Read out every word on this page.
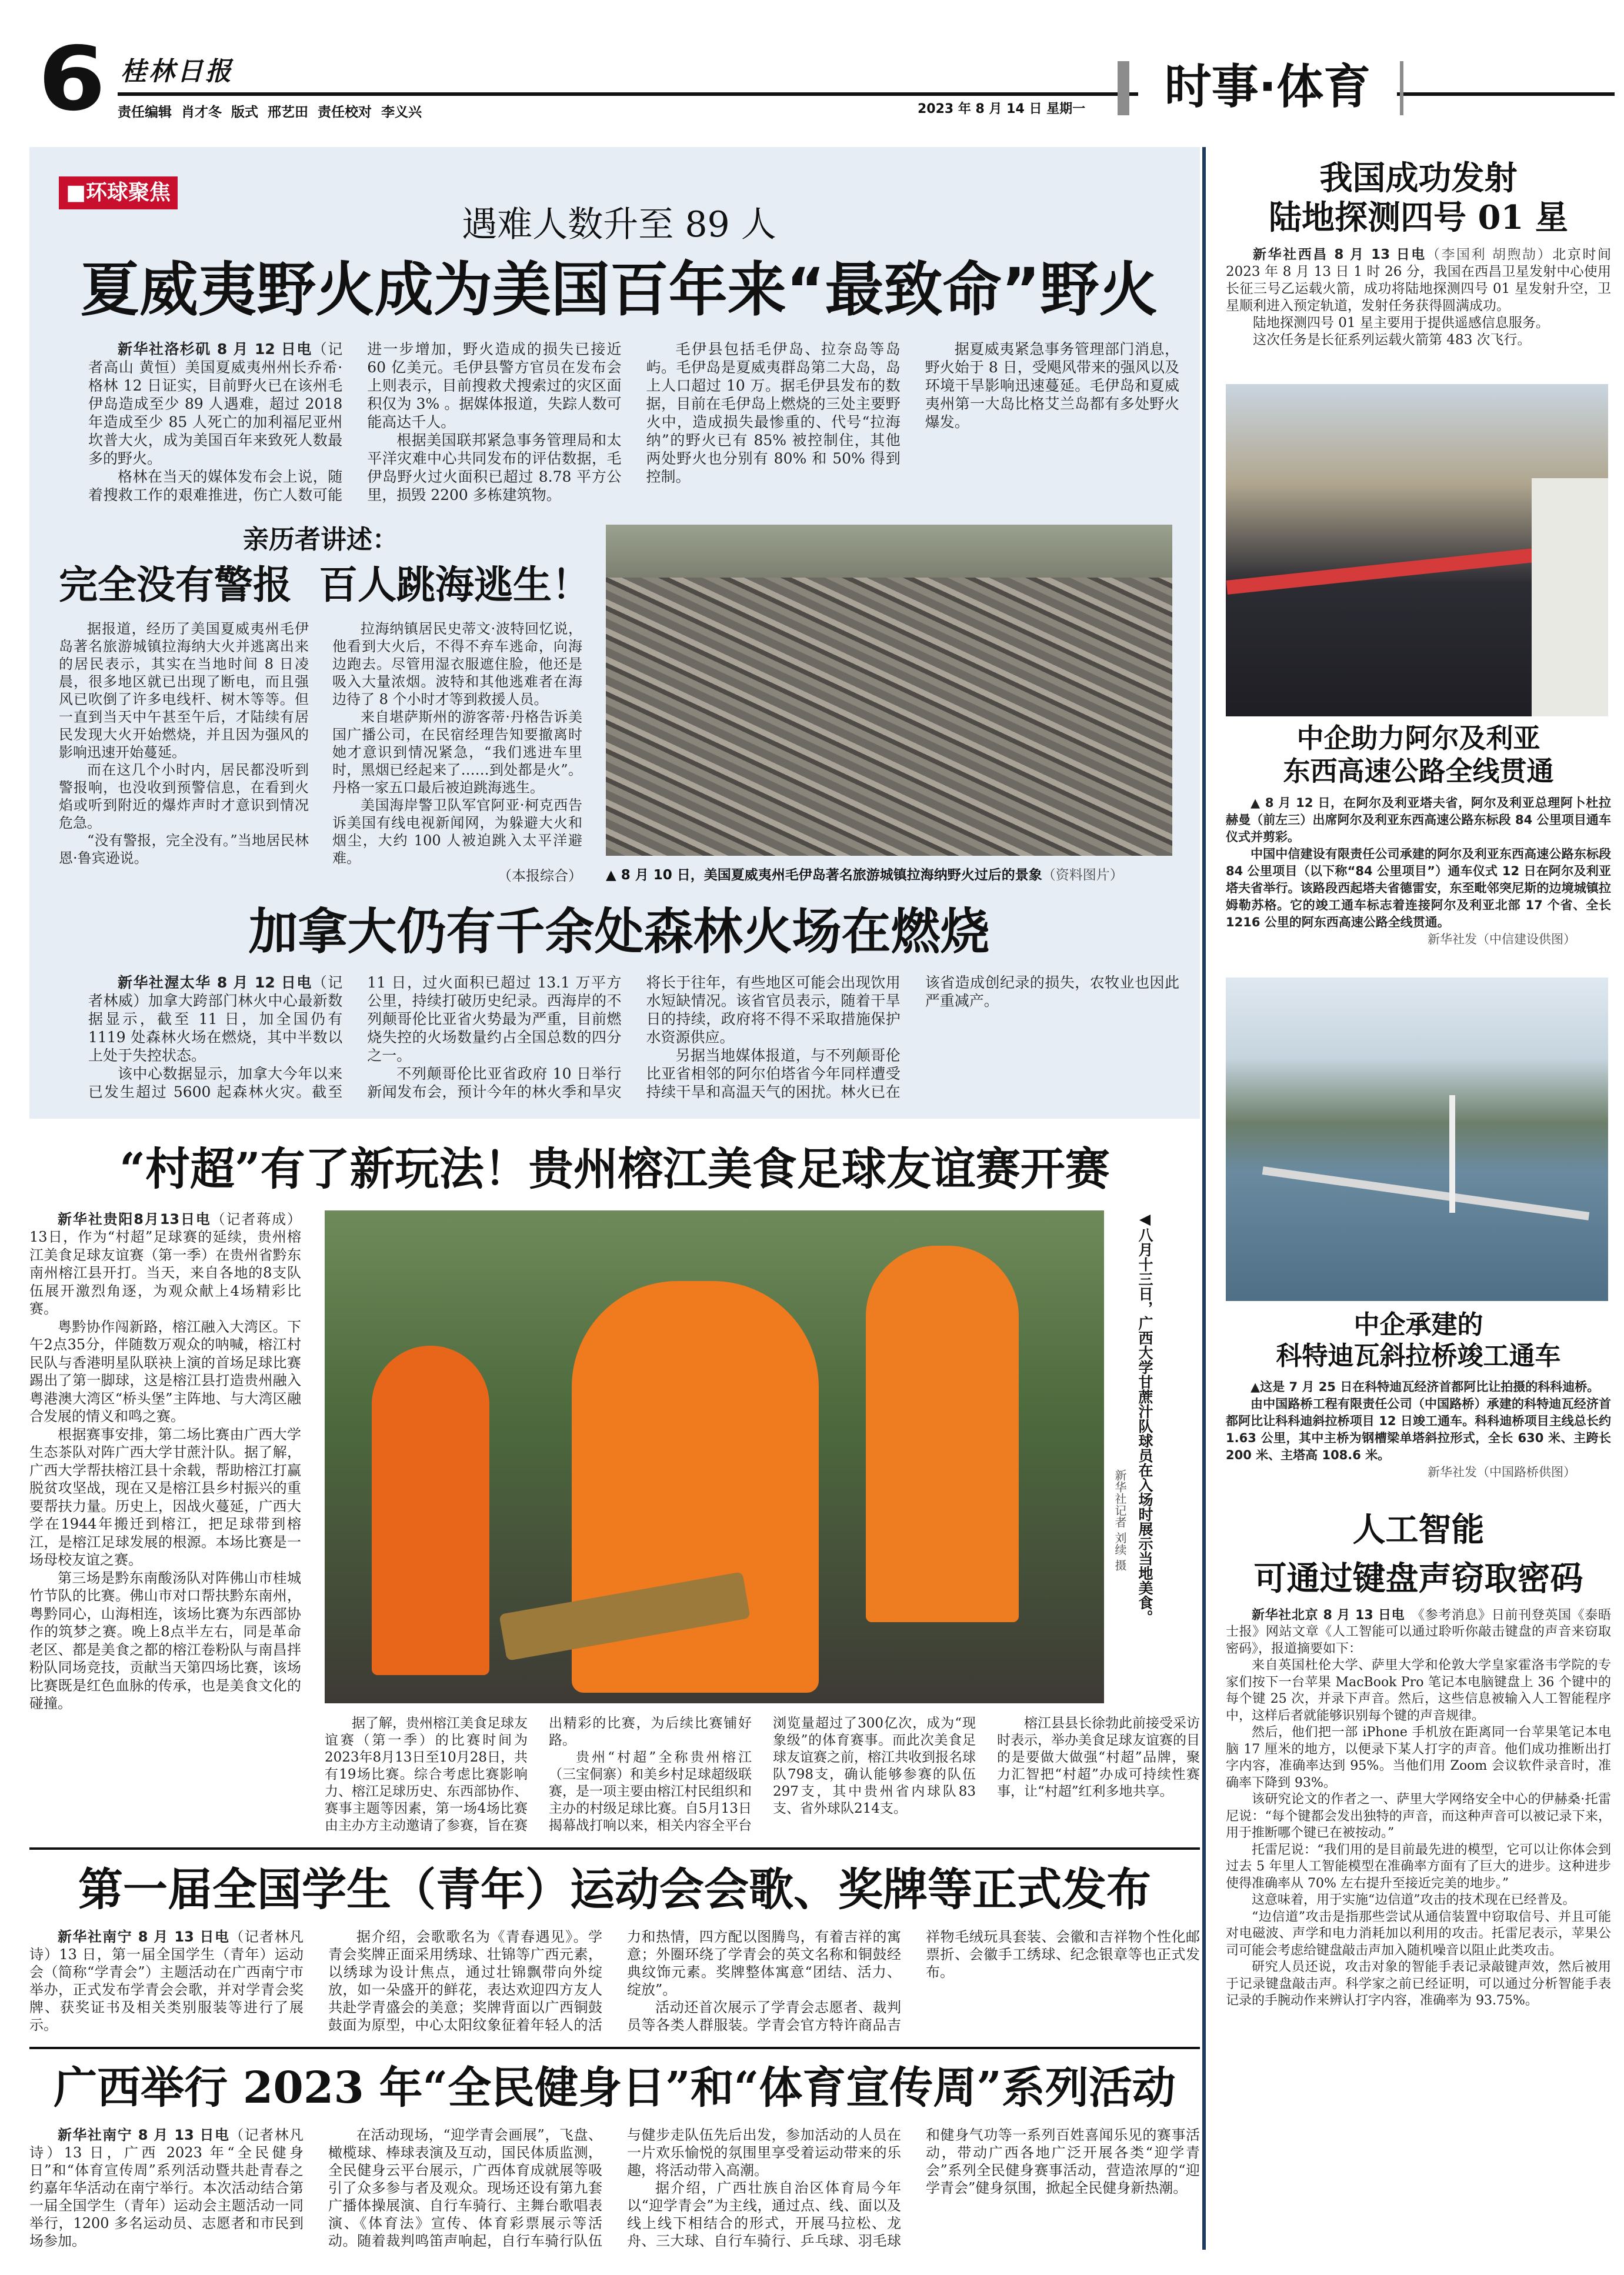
6 桂林日报
责任编辑  肖才冬  版式  邢艺田  责任校对  李义兴	2023 年 8 月 14 日 星期一	时事·体育
■环球聚焦
遇难人数升至 89 人
夏威夷野火成为美国百年来“最致命”野火

新华社洛杉矶 8 月 12 日电（记者高山 黄恒）美国夏威夷州州长乔希·格林 12 日证实，目前野火已在该州毛伊岛造成至少 89 人遇难，超过 2018 年造成至少 85 人死亡的加利福尼亚州坎普大火，成为美国百年来致死人数最多的野火。

格林在当天的媒体发布会上说，随着搜救工作的艰难推进，伤亡人数可能进一步增加，野火造成的损失已接近 60 亿美元。毛伊县警方官员在发布会上则表示，目前搜救犬搜索过的灾区面积仅为 3% 。据媒体报道，失踪人数可能高达千人。

根据美国联邦紧急事务管理局和太平洋灾难中心共同发布的评估数据，毛伊岛野火过火面积已超过 8.78 平方公里，损毁 2200 多栋建筑物。

毛伊县包括毛伊岛、拉奈岛等岛屿。毛伊岛是夏威夷群岛第二大岛，岛上人口超过 10 万。据毛伊县发布的数据，目前在毛伊岛上燃烧的三处主要野火中，造成损失最惨重的、代号“拉海纳”的野火已有 85% 被控制住，其他两处野火也分别有 80% 和 50% 得到控制。

据夏威夷紧急事务管理部门消息，野火始于 8 日，受飓风带来的强风以及环境干旱影响迅速蔓延。毛伊岛和夏威夷州第一大岛比格艾兰岛都有多处野火爆发。

亲历者讲述：
完全没有警报  百人跳海逃生！

据报道，经历了美国夏威夷州毛伊岛著名旅游城镇拉海纳大火并逃离出来的居民表示，其实在当地时间 8 日凌晨，很多地区就已出现了断电，而且强风已吹倒了许多电线杆、树木等等。但一直到当天中午甚至午后，才陆续有居民发现大火开始燃烧，并且因为强风的影响迅速开始蔓延。

而在这几个小时内，居民都没听到警报响，也没收到预警信息，在看到火焰或听到附近的爆炸声时才意识到情况危急。

“没有警报，完全没有。”当地居民林恩·鲁宾逊说。

拉海纳镇居民史蒂文·波特回忆说，他看到大火后，不得不弃车逃命，向海边跑去。尽管用湿衣服遮住脸，他还是吸入大量浓烟。波特和其他逃难者在海边待了 8 个小时才等到救援人员。

来自堪萨斯州的游客蒂·丹格告诉美国广播公司，在民宿经理告知要撤离时她才意识到情况紧急，“我们逃进车里时，黑烟已经起来了……到处都是火”。丹格一家五口最后被迫跳海逃生。

美国海岸警卫队军官阿亚·柯克西告诉美国有线电视新闻网，为躲避大火和烟尘，大约 100 人被迫跳入太平洋避难。

（本报综合） ▲ 8 月 10 日，美国夏威夷州毛伊岛著名旅游城镇拉海纳野火过后的景象（资料图片）
加拿大仍有千余处森林火场在燃烧

新华社渥太华 8 月 12 日电（记者林威）加拿大跨部门林火中心最新数据显示，截至 11 日，加全国仍有 1119 处森林火场在燃烧，其中半数以上处于失控状态。

该中心数据显示，加拿大今年以来已发生超过 5600 起森林火灾。截至 11 日，过火面积已超过 13.1 万平方公里，持续打破历史纪录。西海岸的不列颠哥伦比亚省火势最为严重，目前燃烧失控的火场数量约占全国总数的四分之一。

不列颠哥伦比亚省政府 10 日举行新闻发布会，预计今年的林火季和旱灾将长于往年，有些地区可能会出现饮用水短缺情况。该省官员表示，随着干旱日的持续，政府将不得不采取措施保护水资源供应。

另据当地媒体报道，与不列颠哥伦比亚省相邻的阿尔伯塔省今年同样遭受持续干旱和高温天气的困扰。林火已在该省造成创纪录的损失，农牧业也因此严重减产。

“村超”有了新玩法！贵州榕江美食足球友谊赛开赛

新华社贵阳8月13日电（记者蒋成）13日，作为“村超”足球赛的延续，贵州榕江美食足球友谊赛（第一季）在贵州省黔东南州榕江县开打。当天，来自各地的8支队伍展开激烈角逐，为观众献上4场精彩比赛。

粤黔协作闯新路，榕江融入大湾区。下午2点35分，伴随数万观众的呐喊，榕江村民队与香港明星队联袂上演的首场足球比赛踢出了第一脚球，这是榕江县打造贵州融入粤港澳大湾区“桥头堡”主阵地、与大湾区融合发展的情义和鸣之赛。

根据赛事安排，第二场比赛由广西大学生态茶队对阵广西大学甘蔗汁队。据了解，广西大学帮扶榕江县十余载，帮助榕江打赢脱贫攻坚战，现在又是榕江县乡村振兴的重要帮扶力量。历史上，因战火蔓延，广西大学在1944年搬迁到榕江，把足球带到榕江，是榕江足球发展的根源。本场比赛是一场母校友谊之赛。

第三场是黔东南酸汤队对阵佛山市桂城竹节队的比赛。佛山市对口帮扶黔东南州，粤黔同心，山海相连，该场比赛为东西部协作的筑梦之赛。晚上8点半左右，同是革命老区、都是美食之都的榕江卷粉队与南昌拌粉队同场竞技，贡献当天第四场比赛，该场比赛既是红色血脉的传承，也是美食文化的碰撞。

新华社记者 刘续 摄 ◀八月十三日，广西大学甘蔗汁队球员在入场时展示当地美食。

据了解，贵州榕江美食足球友谊赛（第一季）的比赛时间为2023年8月13日至10月28日，共有19场比赛。综合考虑比赛影响力、榕江足球历史、东西部协作、赛事主题等因素，第一场4场比赛由主办方主动邀请了参赛，旨在赛出精彩的比赛，为后续比赛铺好路。

贵州“村超”全称贵州榕江（三宝侗寨）和美乡村足球超级联赛，是一项主要由榕江村民组织和主办的村级足球比赛。自5月13日揭幕战打响以来，相关内容全平台浏览量超过了300亿次，成为“现象级”的体育赛事。而此次美食足球友谊赛之前，榕江共收到报名球队798支，确认能够参赛的队伍297支，其中贵州省内球队83支、省外球队214支。

榕江县县长徐勃此前接受采访时表示，举办美食足球友谊赛的目的是要做大做强“村超”品牌，聚力汇智把“村超”办成可持续性赛事，让“村超”红利多地共享。

第一届全国学生（青年）运动会会歌、奖牌等正式发布

新华社南宁 8 月 13 日电（记者林凡诗）13 日，第一届全国学生（青年）运动会（简称“学青会”）主题活动在广西南宁市举办，正式发布学青会会歌，并对学青会奖牌、获奖证书及相关类别服装等进行了展示。

据介绍，会歌歌名为《青春遇见》。学青会奖牌正面采用绣球、壮锦等广西元素，以绣球为设计焦点，通过壮锦飘带向外绽放，如一朵盛开的鲜花，表达欢迎四方友人共赴学青盛会的美意；奖牌背面以广西铜鼓鼓面为原型，中心太阳纹象征着年轻人的活力和热情，四方配以图腾鸟，有着吉祥的寓意；外圈环绕了学青会的英文名称和铜鼓经典纹饰元素。奖牌整体寓意“团结、活力、绽放”。

活动还首次展示了学青会志愿者、裁判员等各类人群服装。学青会官方特许商品吉祥物毛绒玩具套装、会徽和吉祥物个性化邮票折、会徽手工绣球、纪念银章等也正式发布。

广西举行 2023 年“全民健身日”和“体育宣传周”系列活动

新华社南宁 8 月 13 日电（记者林凡诗）13 日，广西 2023 年“全民健身日”和“体育宣传周”系列活动暨共赴青春之约嘉年华活动在南宁举行。本次活动结合第一届全国学生（青年）运动会主题活动一同举行，1200 多名运动员、志愿者和市民到场参加。

在活动现场，“迎学青会画展”，飞盘、橄榄球、棒球表演及互动，国民体质监测，全民健身云平台展示，广西体育成就展等吸引了众多参与者及观众。现场还设有第九套广播体操展演、自行车骑行、主舞台歌唱表演、《体育法》宣传、体育彩票展示等活动。随着裁判鸣笛声响起，自行车骑行队伍与健步走队伍先后出发，参加活动的人员在一片欢乐愉悦的氛围里享受着运动带来的乐趣，将活动带入高潮。

据介绍，广西壮族自治区体育局今年以“迎学青会”为主线，通过点、线、面以及线上线下相结合的形式，开展马拉松、龙舟、三大球、自行车骑行、乒乓球、羽毛球和健身气功等一系列百姓喜闻乐见的赛事活动，带动广西各地广泛开展各类“迎学青会”系列全民健身赛事活动，营造浓厚的“迎学青会”健身氛围，掀起全民健身新热潮。

我国成功发射
陆地探测四号 01 星

新华社西昌 8 月 13 日电（李国利 胡煦劼）北京时间 2023 年 8 月 13 日 1 时 26 分，我国在西昌卫星发射中心使用长征三号乙运载火箭，成功将陆地探测四号 01 星发射升空，卫星顺利进入预定轨道，发射任务获得圆满成功。

陆地探测四号 01 星主要用于提供遥感信息服务。

这次任务是长征系列运载火箭第 483 次飞行。

中企助力阿尔及利亚
东西高速公路全线贯通

▲ 8 月 12 日，在阿尔及利亚塔夫省，阿尔及利亚总理阿卜杜拉赫曼（前左三）出席阿尔及利亚东西高速公路东标段 84 公里项目通车仪式并剪彩。

中国中信建设有限责任公司承建的阿尔及利亚东西高速公路东标段 84 公里项目（以下称“84 公里项目”）通车仪式 12 日在阿尔及利亚塔夫省举行。该路段西起塔夫省德雷安，东至毗邻突尼斯的边境城镇拉姆勒苏格。它的竣工通车标志着连接阿尔及利亚北部 17 个省、全长 1216 公里的阿东西高速公路全线贯通。

新华社发（中信建设供图）
中企承建的
科特迪瓦斜拉桥竣工通车

▲这是 7 月 25 日在科特迪瓦经济首都阿比让拍摄的科科迪桥。

由中国路桥工程有限责任公司（中国路桥）承建的科特迪瓦经济首都阿比让科科迪斜拉桥项目 12 日竣工通车。科科迪桥项目主线总长约 1.63 公里，其中主桥为钢槽梁单塔斜拉形式，全长 630 米、主跨长 200 米、主塔高 108.6 米。

新华社发（中国路桥供图）
人工智能
可通过键盘声窃取密码

新华社北京 8 月 13 日电　 《参考消息》日前刊登英国《泰晤士报》网站文章《人工智能可以通过聆听你敲击键盘的声音来窃取密码》，报道摘要如下：

来自英国杜伦大学、萨里大学和伦敦大学皇家霍洛韦学院的专家们按下一台苹果 MacBook Pro 笔记本电脑键盘上 36 个键中的每个键 25 次，并录下声音。然后，这些信息被输入人工智能程序中，这样后者就能够识别每个键的声音规律。

然后，他们把一部 iPhone 手机放在距离同一台苹果笔记本电脑 17 厘米的地方，以便录下某人打字的声音。他们成功推断出打字内容，准确率达到 95%。当他们用 Zoom 会议软件录音时，准确率下降到 93%。

该研究论文的作者之一、萨里大学网络安全中心的伊赫桑·托雷尼说：“每个键都会发出独特的声音，而这种声音可以被记录下来，用于推断哪个键已在被按动。”

托雷尼说：“我们用的是目前最先进的模型，它可以让你体会到过去 5 年里人工智能模型在准确率方面有了巨大的进步。这种进步使得准确率从 70% 左右提升至接近完美的地步。”

这意味着，用于实施“边信道”攻击的技术现在已经普及。

“边信道”攻击是指那些尝试从通信装置中窃取信号、并且可能对电磁波、声学和电力消耗加以利用的攻击。托雷尼表示，苹果公司可能会考虑给键盘敲击声加入随机噪音以阻止此类攻击。

研究人员还说，攻击对象的智能手表记录敲键声效，然后被用于记录键盘敲击声。科学家之前已经证明，可以通过分析智能手表记录的手腕动作来辨认打字内容，准确率为 93.75%。
